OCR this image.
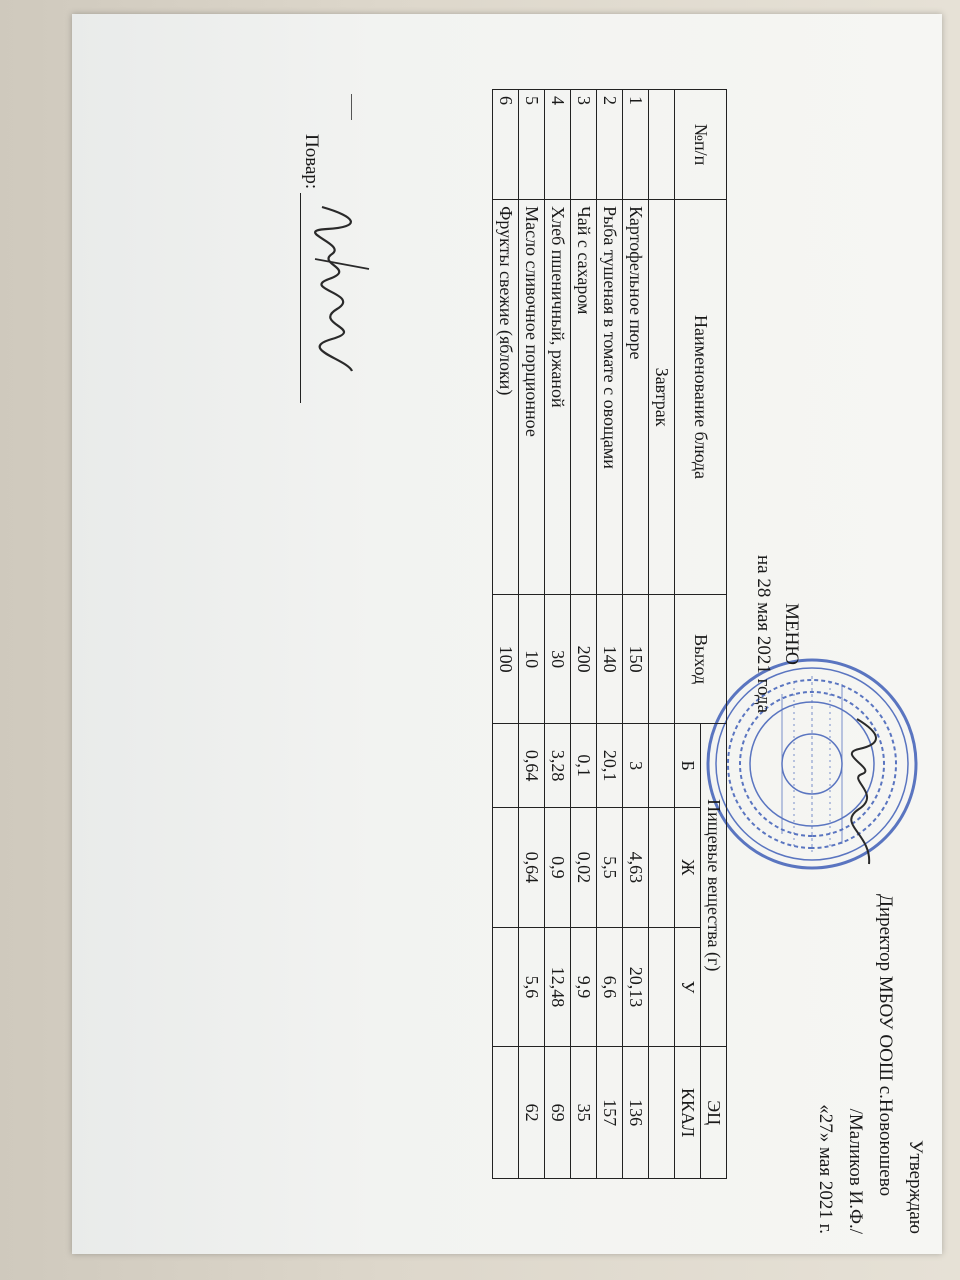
Утверждаю
Директор МБОУ ООШ с.Новоюшево
/Маликов И.Ф./
«27» мая 2021 г.
МЕНЮ
на 28 мая 2021 года
№п/п	Наименование блюда	Выход	Пищевые вещества (г)			ЭЦ
			Б	Ж	У	ККАЛ
	Завтрак					
1	Картофельное пюре	150	3	4,63	20,13	136
2	Рыба тушеная в томате с овощами	140	20,1	5,5	6,6	157
3	Чай с сахаром	200	0,1	0,02	9,9	35
4	Хлеб пшеничный, ржаной	30	3,28	0,9	12,48	69
5	Масло сливочное порционное	10	0,64	0,64	5,6	62
6	Фрукты свежие (яблоки)	100				
Повар:
